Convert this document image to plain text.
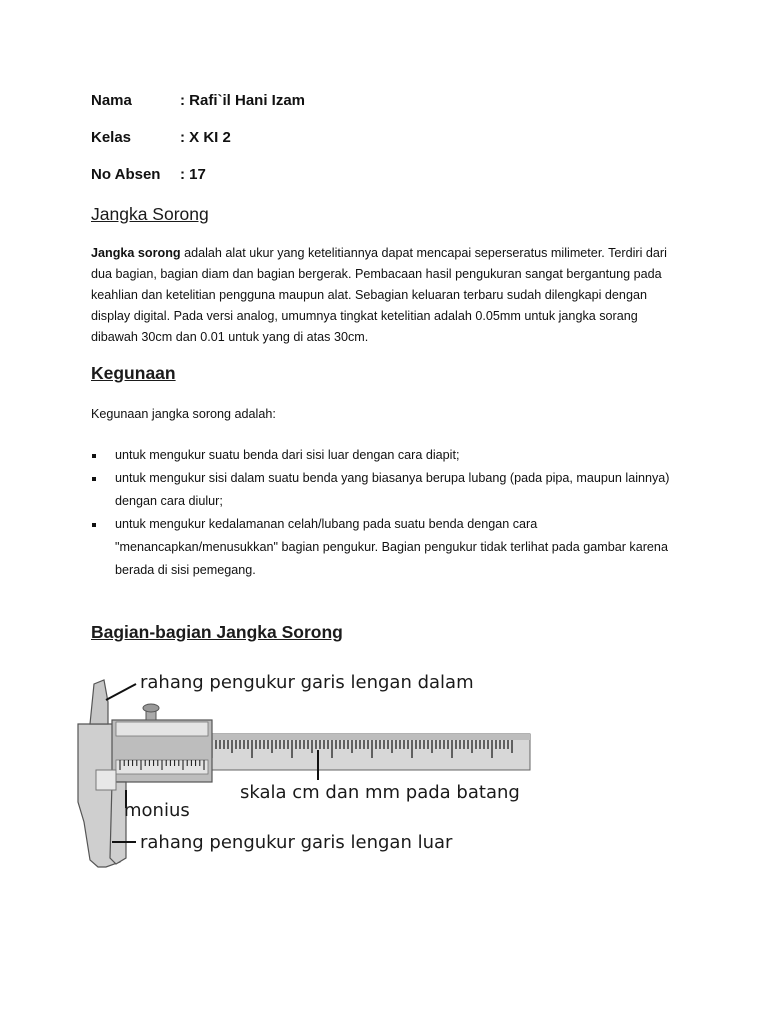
Nama	: Rafi`il Hani Izam
Kelas	: X KI 2
No Absen : 17
Jangka Sorong

Jangka sorong adalah alat ukur yang ketelitiannya dapat mencapai seperseratus milimeter. Terdiri dari dua bagian, bagian diam dan bagian bergerak. Pembacaan hasil pengukuran sangat bergantung pada keahlian dan ketelitian pengguna maupun alat. Sebagian keluaran terbaru sudah dilengkapi dengan display digital. Pada versi analog, umumnya tingkat ketelitian adalah 0.05mm untuk jangka sorang dibawah 30cm dan 0.01 untuk yang di atas 30cm.

Kegunaan

Kegunaan jangka sorong adalah:

untuk mengukur suatu benda dari sisi luar dengan cara diapit;
untuk mengukur sisi dalam suatu benda yang biasanya berupa lubang (pada pipa, maupun lainnya) dengan cara diulur;
untuk mengukur kedalamanan celah/lubang pada suatu benda dengan cara "menancapkan/menusukkan" bagian pengukur. Bagian pengukur tidak terlihat pada gambar karena berada di sisi pemegang.
Bagian-bagian Jangka Sorong
rahang pengukur garis lengan dalam
monius
skala cm dan mm pada batang
rahang pengukur garis lengan luar
